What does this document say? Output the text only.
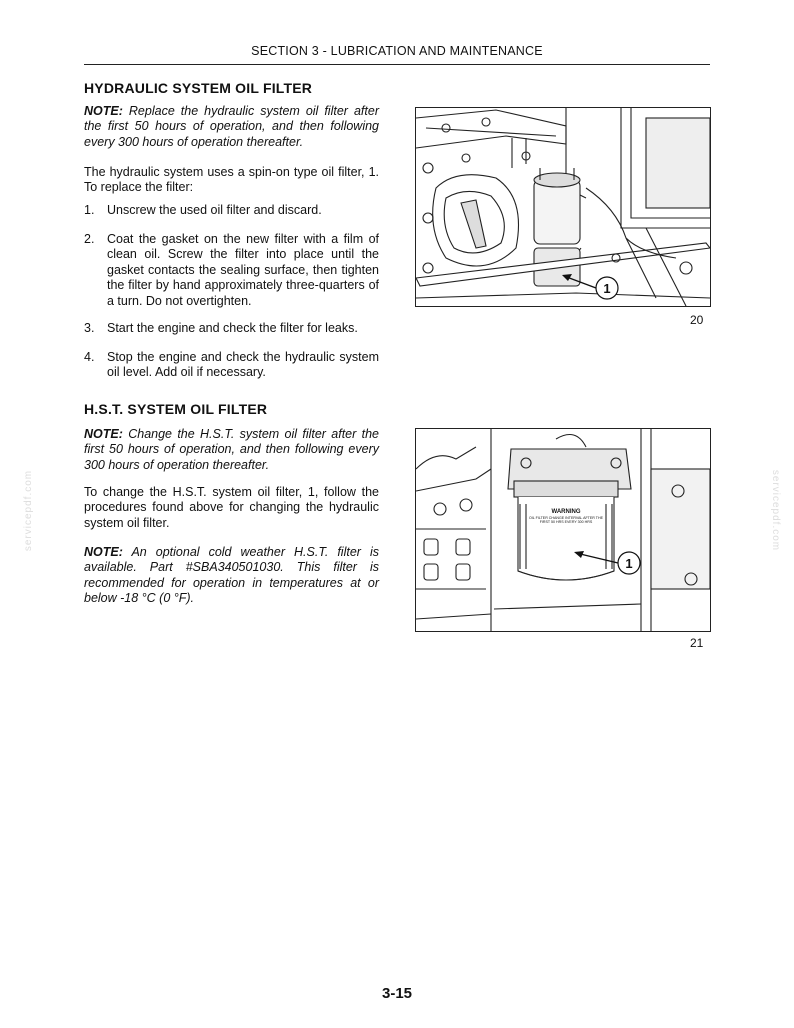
SECTION 3 - LUBRICATION AND MAINTENANCE
servicepdf.com	servicepdf.com
HYDRAULIC SYSTEM OIL FILTER
NOTE: Replace the hydraulic system oil filter after the first 50 hours of operation, and then following every 300 hours of operation thereafter.
The hydraulic system uses a spin-on type oil filter, 1. To replace the filter:
1. Unscrew the used oil filter and discard.
2. Coat the gasket on the new filter with a film of clean oil. Screw the filter into place until the gasket contacts the sealing surface, then tighten the filter by hand approximately three-quarters of a turn. Do not overtighten.
3. Start the engine and check the filter for leaks.
4. Stop the engine and check the hydraulic system oil level. Add oil if necessary.
1
20
H.S.T. SYSTEM OIL FILTER
NOTE: Change the H.S.T. system oil filter after the first 50 hours of operation, and then following every 300 hours of operation thereafter.
To change the H.S.T. system oil filter, 1, follow the procedures found above for changing the hydraulic system oil filter.
NOTE: An optional cold weather H.S.T. filter is available. Part #SBA340501030. This filter is recommended for operation in temperatures at or below -18 °C (0 °F).
WARNING
OIL FILTER CHANGE INTERVAL AFTER THE FIRST 50 HRS EVERY 300 HRS
1
21
3-15
